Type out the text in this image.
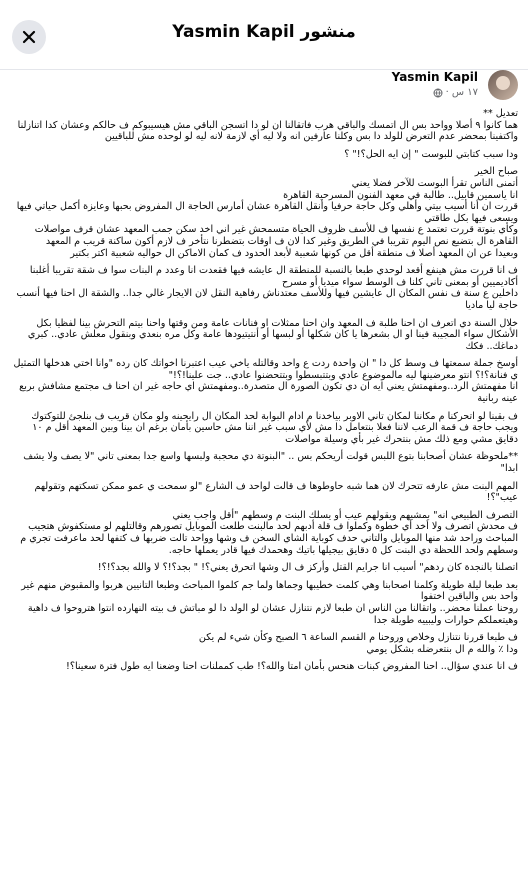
منشور Yasmin Kapil
Yasmin Kapil
١٧ س
·

تعديل **
هما كانوا ٩ أصلا وواحد بس ال اتمسك والباقي هرب فاتقالنا ان لو دا اتسجن الباقي مش هيسيبوكم ف حالكم وعشان كدا اتنازلنا واكتفينا بمحضر عدم التعرض للولد دا بس وكلنا عارفين انه ولا ليه أي لازمة لانه ليه لو لوحده مش للباقيين

ودا سبب كتابتي للبوست " إن ايه الحل؟!" ؟

صباح الخير
أتمنى الناس تقرأ البوست للآخر فضلا يعني
انا ياسمين قابيل.. طالبة في معهد الفنون المسرحية القاهرة
قررت ان أنا أسيب بيتي وأهلي وكل حاجة حرفيا وأنقل القاهرة عشان أمارس الحاجة ال المفروض بحبها وعايزة أكمل حياتي فيها ويسعى فيها بكل طاقتي
وكأي بنوتة قررت تعتمد ع نفسها ف للأسف ظروف الحياة متسمحش غير اني اخد سكن جمب المعهد عشان قرف مواصلات القاهرة ال بتضيع نص اليوم تقريبا في الطريق وغير كدا لان ف اوقات بتضطرنا نتأخر ف لازم أكون ساكنة قريب م المعهد
وبعيدا عن ان المعهد أصلا ف منطقة أقل من كونها شعبية لأبعد الحدود ف كمان الاماكن ال حواليه شعبية اكتر بكتير

ف انا قررت مش هينفع أقعد لوحدي طبعا بالنسبة للمنطقة ال عايشه فيها فقعدت انا وعدد م البنات سوا ف شقة تقريبا أغلبنا أكاديميين أو بمعنى تاني كلنا ف الوسط سواء ميديا أو مسرح
داخلين ع سنة ف نفس المكان ال عايشين فيها وللأسف معتدناش رفاهية النقل لان الايجار غالي جدا.. والشقة ال احنا فيها أنسب حاجة ليا ماديا

خلال السنة دي اتعرف ان احنا طلبة ف المعهد وان احنا ممثلات او فنانات عامة ومن وقتها واحنا بيتم التحرش بينا لفظيا بكل الأشكال سواء المجيبة فينا او ال بشعرها يا كان شكلها أو لبسها أو أنتيتيودها عامة وكل مره بنعدي وبنقول معلش عادي.. كبري دماغك.. فكك

أوسخ جملة سمعتها ف وسط كل دا " ان واحدة ردت ع واحد وقالتله ياخي عيب اعتبرنا اخواتك كان رده "وانا اختي هدخلها التمثيل ي فنانة؟!؟ انتو معرضينها ليه مالموضوع عادي وبتتبسطوا وبتتحضنوا عادي.. جت علينا!؟!"
انا مفهمتش الرد..ومفهمتش يعني ايه ان دي تكون الصورة ال متصدرة..ومفهمتش اي حاجه غير ان احنا ف مجتمع مشافش بربع عينه ربانية

ف بقينا لو اتحركنا م مكاننا لمكان تاني الاوبر بياخدنا م ادام البوابة لحد المكان ال رايحينه ولو مكان قريب ف بنلجئ للتوكتوك ويجب حاجة ف قمة الرعب لاننا فعلا بنتعامل دا مش لأي سبب غير اننا مش حاسين بأمان برغم ان بينا وبين المعهد أقل م ١٠ دقايق مشي ومع ذلك مش بنتحرك غير بأي وسيلة مواصلات

**ملحوظة عشان أصحابنا بتوع اللبس قولت أريحكم بس .. "البنوتة دي محجبة ولبسها واسع جدا بمعنى تاني "لا يصف ولا يشف ابدا"

المهم البنت مش عارفه تتحرك لان هما شبه حاوطوها ف قالت لواحد ف الشارع "لو سمحت ي عمو ممكن تسكتهم وتقولهم عيب"؟!

التصرف الطبيعي انه" بمشيهم ويقولهم عيب أو يسلك البنت م وسطهم "أقل واجب يعني
ف محدش اتصرف ولا أخد أي خطوة وكملوا ف قلة أدبهم لحد مالبنت طلعت الموبايل تصورهم وقالتلهم لو مستكفوش هتجيب المباحث وراحد شد منها الموبايل والتاني حدف كوباية الشاي السخن ف وشها وواحد تالت ضربها ف كتفها لحد ماعرفت تجري م وسطهم ولحد اللحظة دي البنت كل ٥ دقايق بيجيلها باتيك وهحمدك فيها قادر يعملها حاجه.

اتصلنا بالنجدة كان ردهم" أسيب انا جرايم القتل وأركز ف ال وشها اتحرق يعني؟! " بجد؟!؟ لا والله بجد؟!؟!

بعد طبعا ليلة طويلة وكلمنا اصحابنا وهي كلمت خطيبها وجماها ولما جم كلموا المباحث وطبعا التانيين هربوا والمقبوض منهم غير واحد بس والباقين اختفوا
روحنا عملنا محضر.. واتقالنا من الناس ان طبعا لازم نتنازل عشان لو الولد دا لو مباتش ف بيته النهارده انتوا هتروحوا ف داهية وهيتعملكم حوارات وليبييه طويلة جدا

ف طبعا قررنا نتنازل وخلاص وروحنا م القسم الساعة ٦ الصبح وكأن شيء لم يكن
ودا ٪ والله م ال بنتعرضله بشكل يومي

ف انا عندي سؤال.. احنا المفروض كبنات هنحس بأمان امتا والله؟! طب كمملنات احنا وضعنا ايه طول فترة سعينا؟!
